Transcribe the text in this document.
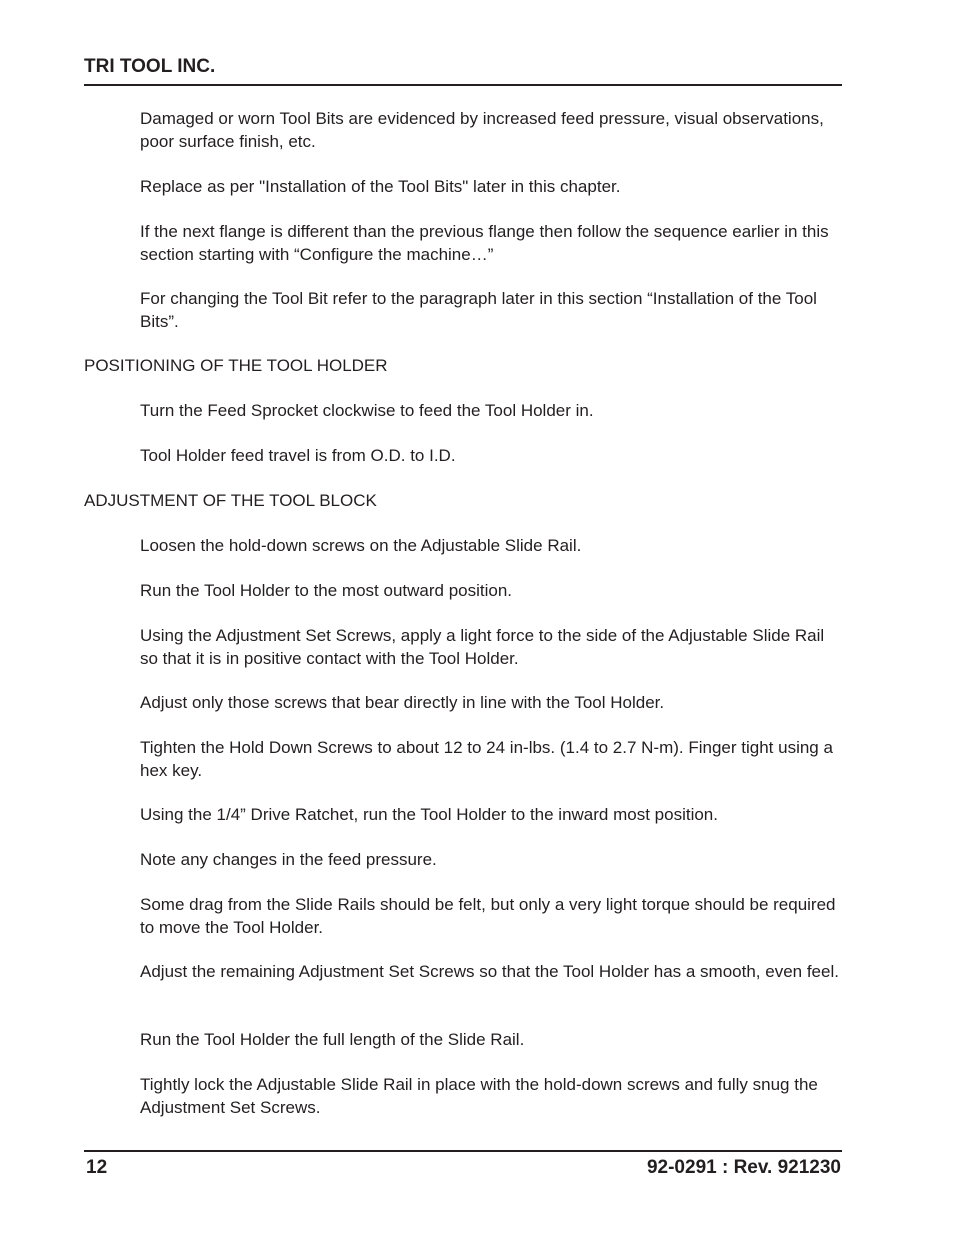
TRI TOOL INC.

Damaged or worn Tool Bits are evidenced by increased feed pressure, visual observations, poor surface finish, etc.

Replace as per "Installation of the Tool Bits" later in this chapter.

If the next flange is different than the previous flange then follow the sequence earlier in this section starting with “Configure the machine…”

For changing the Tool Bit refer to the paragraph later in this section “Installation of the Tool Bits”.

POSITIONING OF THE TOOL HOLDER

Turn the Feed Sprocket clockwise to feed the Tool Holder in.

Tool Holder feed travel is from O.D. to I.D.

ADJUSTMENT OF THE TOOL BLOCK

Loosen the hold-down screws on the Adjustable Slide Rail.

Run the Tool Holder to the most outward position.

Using the Adjustment Set Screws, apply a light force to the side of the Adjustable Slide Rail so that it is in positive contact with the Tool Holder.

Adjust only those screws that bear directly in line with the Tool Holder.

Tighten the Hold Down Screws to about 12 to 24 in-lbs. (1.4 to 2.7 N-m). Finger tight using a hex key.

Using the 1/4” Drive Ratchet, run the Tool Holder to the inward most position.

Note any changes in the feed pressure.

Some drag from the Slide Rails should be felt, but only a very light torque should be required to move the Tool Holder.

Adjust the remaining Adjustment Set Screws so that the Tool Holder has a smooth, even feel.

Run the Tool Holder the full length of the Slide Rail.

Tightly lock the Adjustable Slide Rail in place with the hold-down screws and fully snug the Adjustment Set Screws.

12	92-0291 : Rev. 921230
